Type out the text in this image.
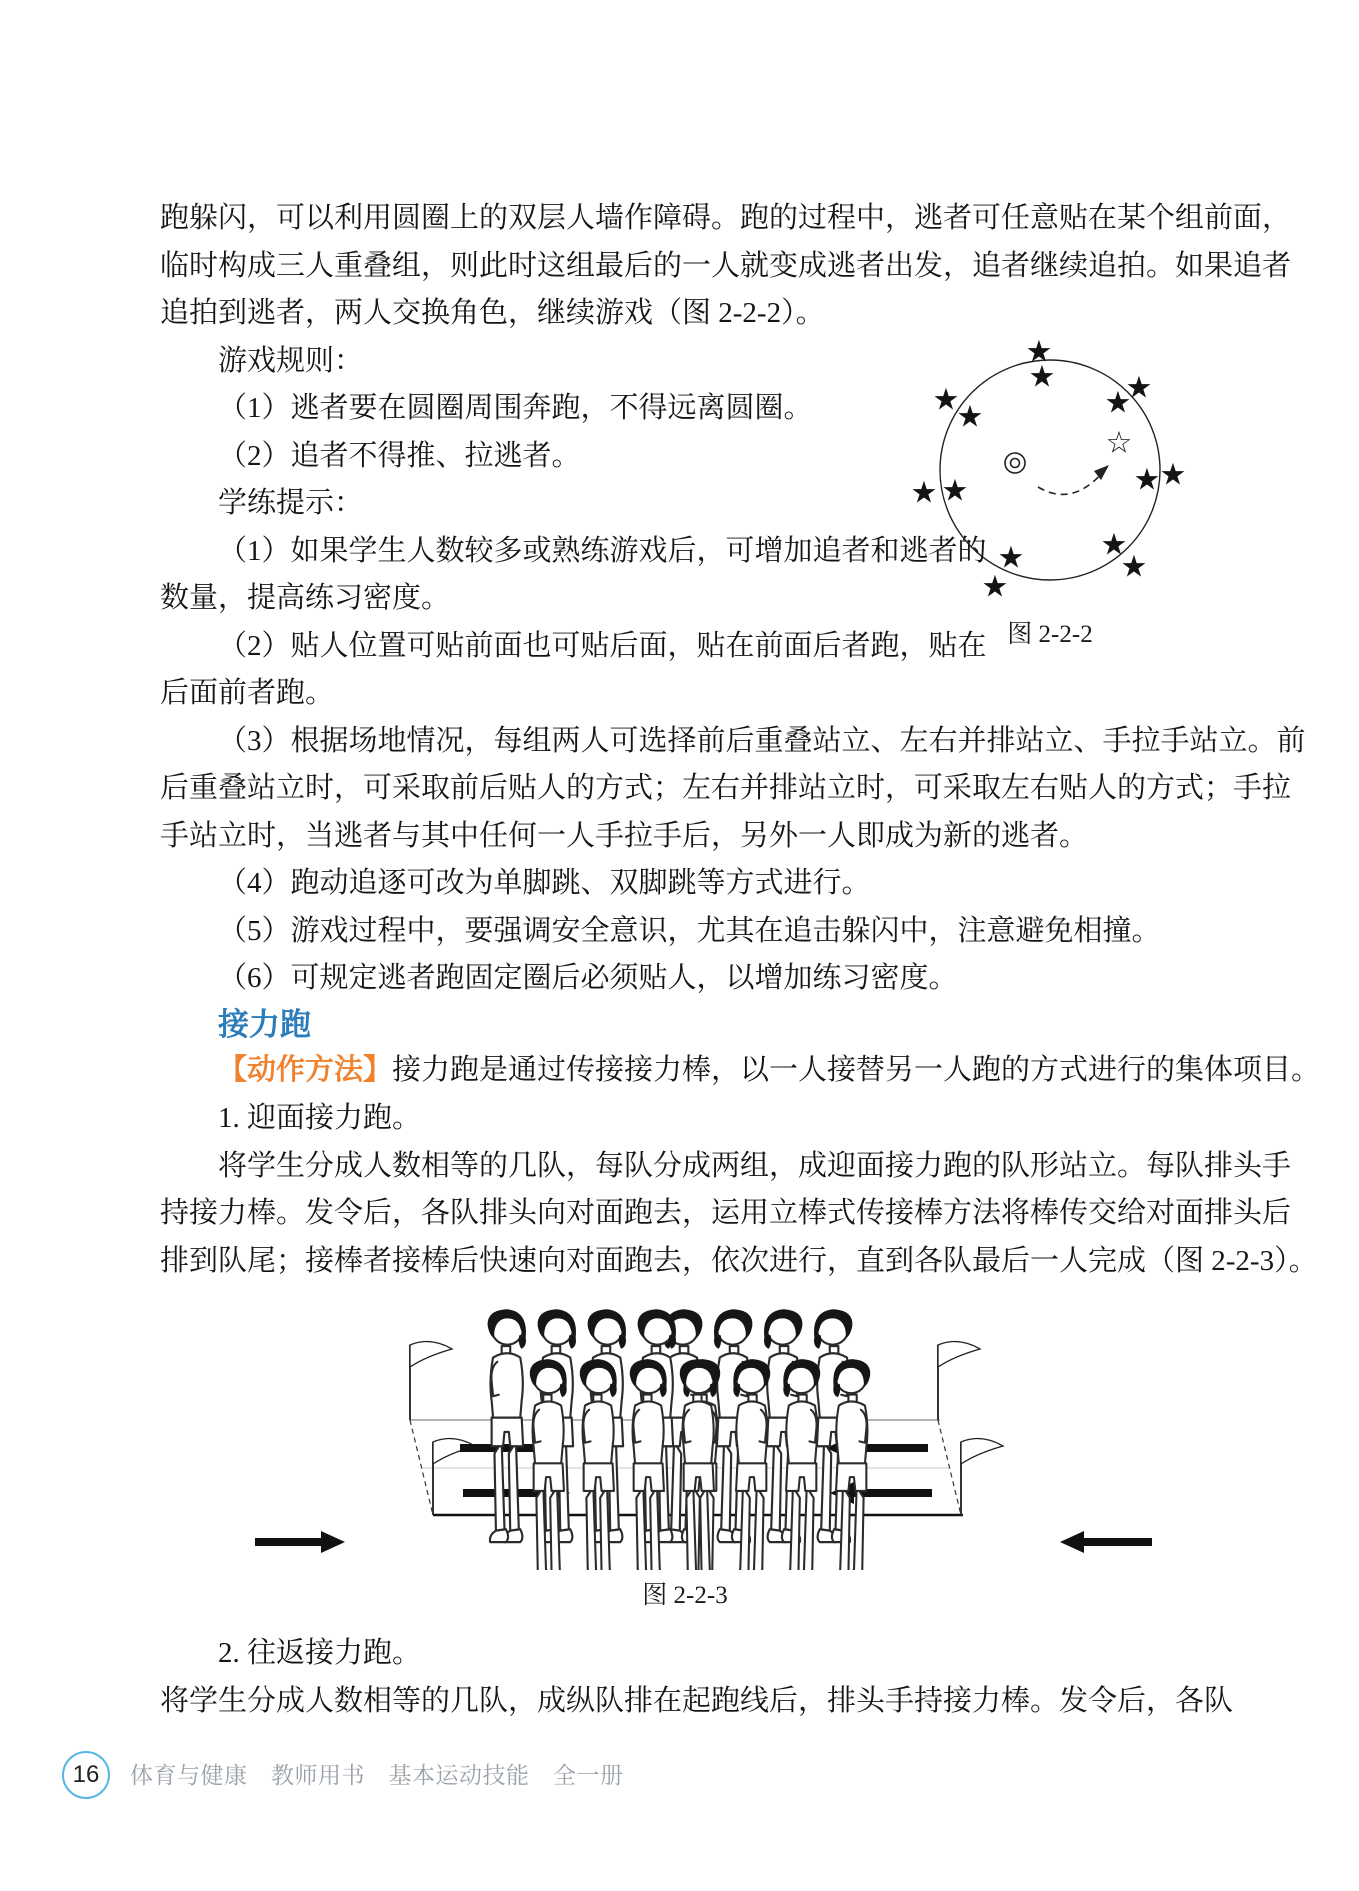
跑躲闪，可以利用圆圈上的双层人墙作障碍。跑的过程中，逃者可任意贴在某个组前面，
临时构成三人重叠组，则此时这组最后的一人就变成逃者出发，追者继续追拍。如果追者
追拍到逃者，两人交换角色，继续游戏（图 2-2-2）。
游戏规则：
（1）逃者要在圆圈周围奔跑，不得远离圆圈。
（2）追者不得推、拉逃者。
学练提示：
（1）如果学生人数较多或熟练游戏后，可增加追者和逃者的
数量，提高练习密度。
（2）贴人位置可贴前面也可贴后面，贴在前面后者跑，贴在
后面前者跑。
（3）根据场地情况，每组两人可选择前后重叠站立、左右并排站立、手拉手站立。前
后重叠站立时，可采取前后贴人的方式；左右并排站立时，可采取左右贴人的方式；手拉
手站立时，当逃者与其中任何一人手拉手后，另外一人即成为新的逃者。
（4）跑动追逐可改为单脚跳、双脚跳等方式进行。
（5）游戏过程中，要强调安全意识，尤其在追击躲闪中，注意避免相撞。
（6）可规定逃者跑固定圈后必须贴人，以增加练习密度。
接力跑
【动作方法】接力跑是通过传接接力棒，以一人接替另一人跑的方式进行的集体项目。
1. 迎面接力跑。
将学生分成人数相等的几队，每队分成两组，成迎面接力跑的队形站立。每队排头手
持接力棒。发令后，各队排头向对面跑去，运用立棒式传接棒方法将棒传交给对面排头后
排到队尾；接棒者接棒后快速向对面跑去，依次进行，直到各队最后一人完成（图 2-2-3）。
★
★ ★
★
★
★
☆
★ ★	★
★
★
★
★
★
图 2-2-2
图 2-2-3
2. 往返接力跑。
将学生分成人数相等的几队，成纵队排在起跑线后，排头手持接力棒。发令后，各队
16 体育与健康　教师用书　基本运动技能　全一册
